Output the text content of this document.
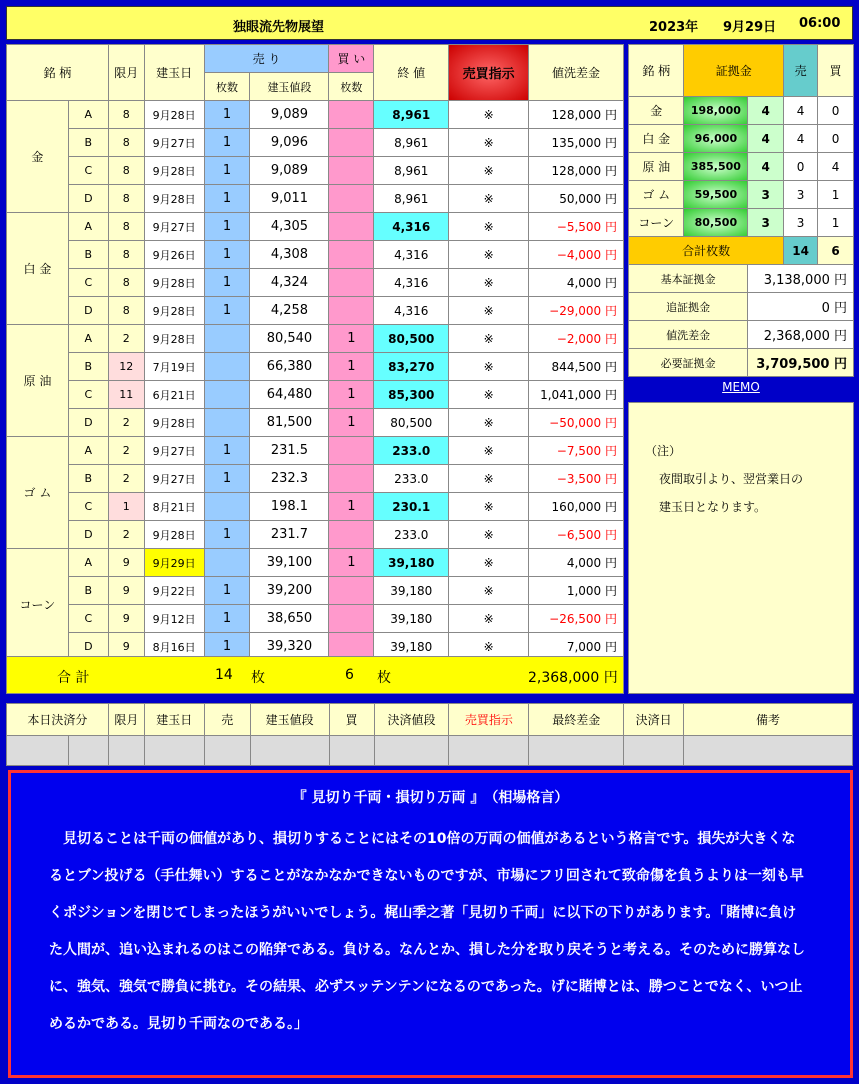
独眼流先物展望	2023年 9月29日 06:00
銘 柄		限月	建玉日	売 り		買 い	終 値	売買指示	値洗差金
				枚数	建玉値段	枚数			
金	A	8	9月28日	1	9,089		8,961	※	128,000 円
	B	8	9月27日	1	9,096		8,961	※	135,000 円
	C	8	9月28日	1	9,089		8,961	※	128,000 円
	D	8	9月28日	1	9,011		8,961	※	50,000 円
白 金	A	8	9月27日	1	4,305		4,316	※	−5,500 円
	B	8	9月26日	1	4,308		4,316	※	−4,000 円
	C	8	9月28日	1	4,324		4,316	※	4,000 円
	D	8	9月28日	1	4,258		4,316	※	−29,000 円
原 油	A	2	9月28日		80,540	1	80,500	※	−2,000 円
	B	12	7月19日		66,380	1	83,270	※	844,500 円
	C	11	6月21日		64,480	1	85,300	※	1,041,000 円
	D	2	9月28日		81,500	1	80,500	※	−50,000 円
ゴ ム	A	2	9月27日	1	231.5		233.0	※	−7,500 円
	B	2	9月27日	1	232.3		233.0	※	−3,500 円
	C	1	8月21日		198.1	1	230.1	※	160,000 円
	D	2	9月28日	1	231.7		233.0	※	−6,500 円
コーン	A	9	9月29日		39,100	1	39,180	※	4,000 円
	B	9	9月22日	1	39,200		39,180	※	1,000 円
	C	9	9月12日	1	38,650		39,180	※	−26,500 円
	D	9	8月16日	1	39,320		39,180	※	7,000 円
合 計	14 枚	6 枚	2,368,000 円
銘 柄	証拠金		売	買
金	198,000	4	4	0
白 金	96,000	4	4	0
原 油	385,500	4	0	4
ゴ ム	59,500	3	3	1
コーン	80,500	3	3	1
合計枚数			14	6
基本証拠金		3,138,000 円		
追証拠金		0 円		
値洗差金		2,368,000 円		
必要証拠金		3,709,500 円		
MEMO
（注）
夜間取引より、翌営業日の
建玉日となります。
本日決済分		限月	建玉日	売	建玉値段	買	決済値段	売買指示	最終差金	決済日	備考

『 見切り千両・損切り万両 』　（相場格言）
　見切ることは千両の価値があり、損切りすることにはその10倍の万両の価値があるという格言です。損失が大きくなるとブン投げる（手仕舞い）することがなかなかできないものですが、市場にフリ回されて致命傷を負うよりは一刻も早くポジションを閉じてしまったほうがいいでしょう。梶山季之著「見切り千両」に以下の下りがあります。「賭博に負けた人間が、追い込まれるのはこの陥穽である。負ける。なんとか、損した分を取り戻そうと考える。そのために勝算なしに、強気、強気で勝負に挑む。その結果、必ずスッテンテンになるのであった。げに賭博とは、勝つことでなく、いつ止めるかである。見切り千両なのである。」
